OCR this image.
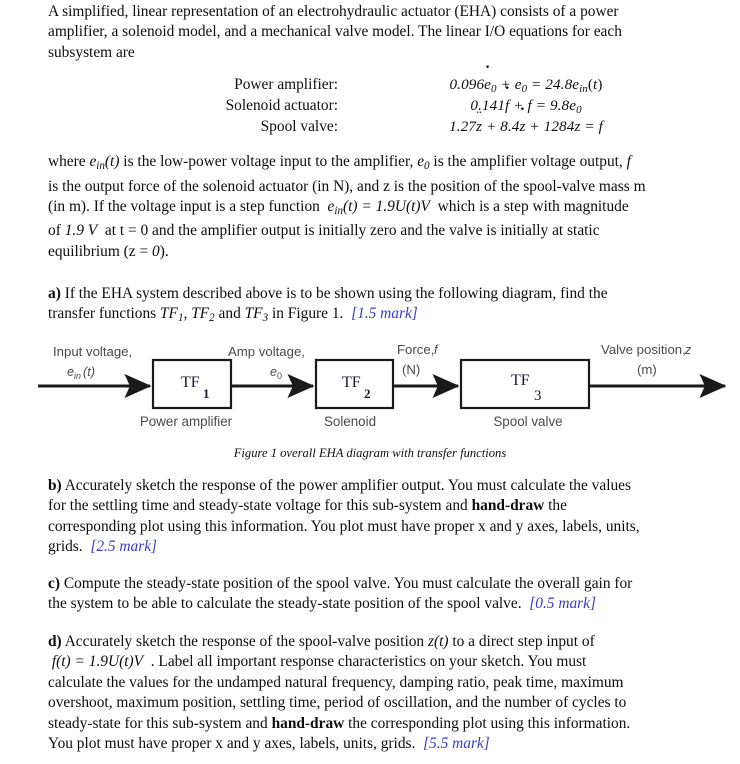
A simplified, linear representation of an electrohydraulic actuator (EHA) consists of a power
amplifier, a solenoid model, and a mechanical valve model. The linear I/O equations for each
subsystem are
Power amplifier:	$0.096\cdot e_0 + e_0 = 24.8e_{in}(t)$
Solenoid actuator:	$0.141\cdot f + f = 9.8e_0$
Spool valve:	1.27¨ z + 8.4· z + 1284z = f
where $e_{in}(t)$ is the low-power voltage input to the amplifier, $e_0$ is the amplifier voltage output, f
is the output force of the solenoid actuator (in N), and z is the position of the spool-valve mass m
(in m). If the voltage input is a step function $e_{in}(t) = 1.9U(t)V$ which is a step with magnitude
of 1.9 V at t = 0 and the amplifier output is initially zero and the valve is initially at static
equilibrium (z = 0).
a) If the EHA system described above is to be shown using the following diagram, find the
transfer functions $TF_1$, $TF_2$ and $TF_3$ in Figure 1. [1.5 mark]
Input voltage,
e in (t)
Amp voltage,
e 0
Force, f
(N)
Valve position, z
(m)
TF
1
Power amplifier
TF
2
Solenoid
TF
3
Spool valve
Figure 1 overall EHA diagram with transfer functions
b) Accurately sketch the response of the power amplifier output. You must calculate the values
for the settling time and steady-state voltage for this sub-system and hand-draw the
corresponding plot using this information. You plot must have proper x and y axes, labels, units,
grids. [2.5 mark]
c) Compute the steady-state position of the spool valve. You must calculate the overall gain for
the system to be able to calculate the steady-state position of the spool valve. [0.5 mark]
d) Accurately sketch the response of the spool-valve position z(t) to a direct step input of
f(t) = 1.9U(t)V . Label all important response characteristics on your sketch. You must
calculate the values for the undamped natural frequency, damping ratio, peak time, maximum
overshoot, maximum position, settling time, period of oscillation, and the number of cycles to
steady-state for this sub-system and hand-draw the corresponding plot using this information.
You plot must have proper x and y axes, labels, units, grids. [5.5 mark]
